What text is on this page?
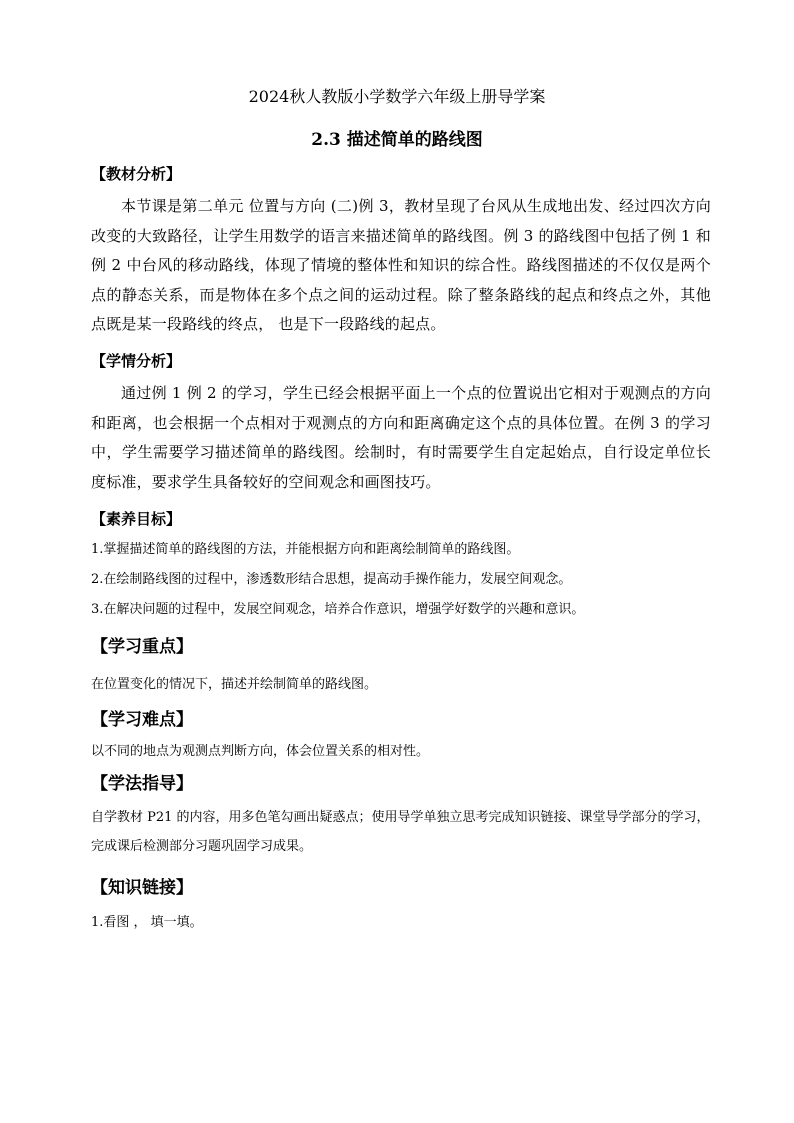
2024秋人教版小学数学六年级上册导学案
2.3 描述简单的路线图
【教材分析】
本节课是第二单元 位置与方向 (二)例 3，教材呈现了台风从生成地出发、经过四次方向改变的大致路径，让学生用数学的语言来描述简单的路线图。例 3 的路线图中包括了例 1 和例 2 中台风的移动路线，体现了情境的整体性和知识的综合性。路线图描述的不仅仅是两个点的静态关系，而是物体在多个点之间的运动过程。除了整条路线的起点和终点之外，其他点既是某一段路线的终点， 也是下一段路线的起点。
【学情分析】
通过例 1 例 2 的学习，学生已经会根据平面上一个点的位置说出它相对于观测点的方向和距离，也会根据一个点相对于观测点的方向和距离确定这个点的具体位置。在例 3 的学习中，学生需要学习描述简单的路线图。绘制时，有时需要学生自定起始点，自行设定单位长度标准，要求学生具备较好的空间观念和画图技巧。
【素养目标】
1.掌握描述简单的路线图的方法，并能根据方向和距离绘制简单的路线图。
2.在绘制路线图的过程中，渗透数形结合思想，提高动手操作能力，发展空间观念。
3.在解决问题的过程中，发展空间观念，培养合作意识，增强学好数学的兴趣和意识。
【学习重点】
在位置变化的情况下，描述并绘制简单的路线图。
【学习难点】
以不同的地点为观测点判断方向，体会位置关系的相对性。
【学法指导】
自学教材 P21 的内容，用多色笔勾画出疑惑点；使用导学单独立思考完成知识链接、课堂导学部分的学习，完成课后检测部分习题巩固学习成果。
【知识链接】
1.看图 ， 填一填。
